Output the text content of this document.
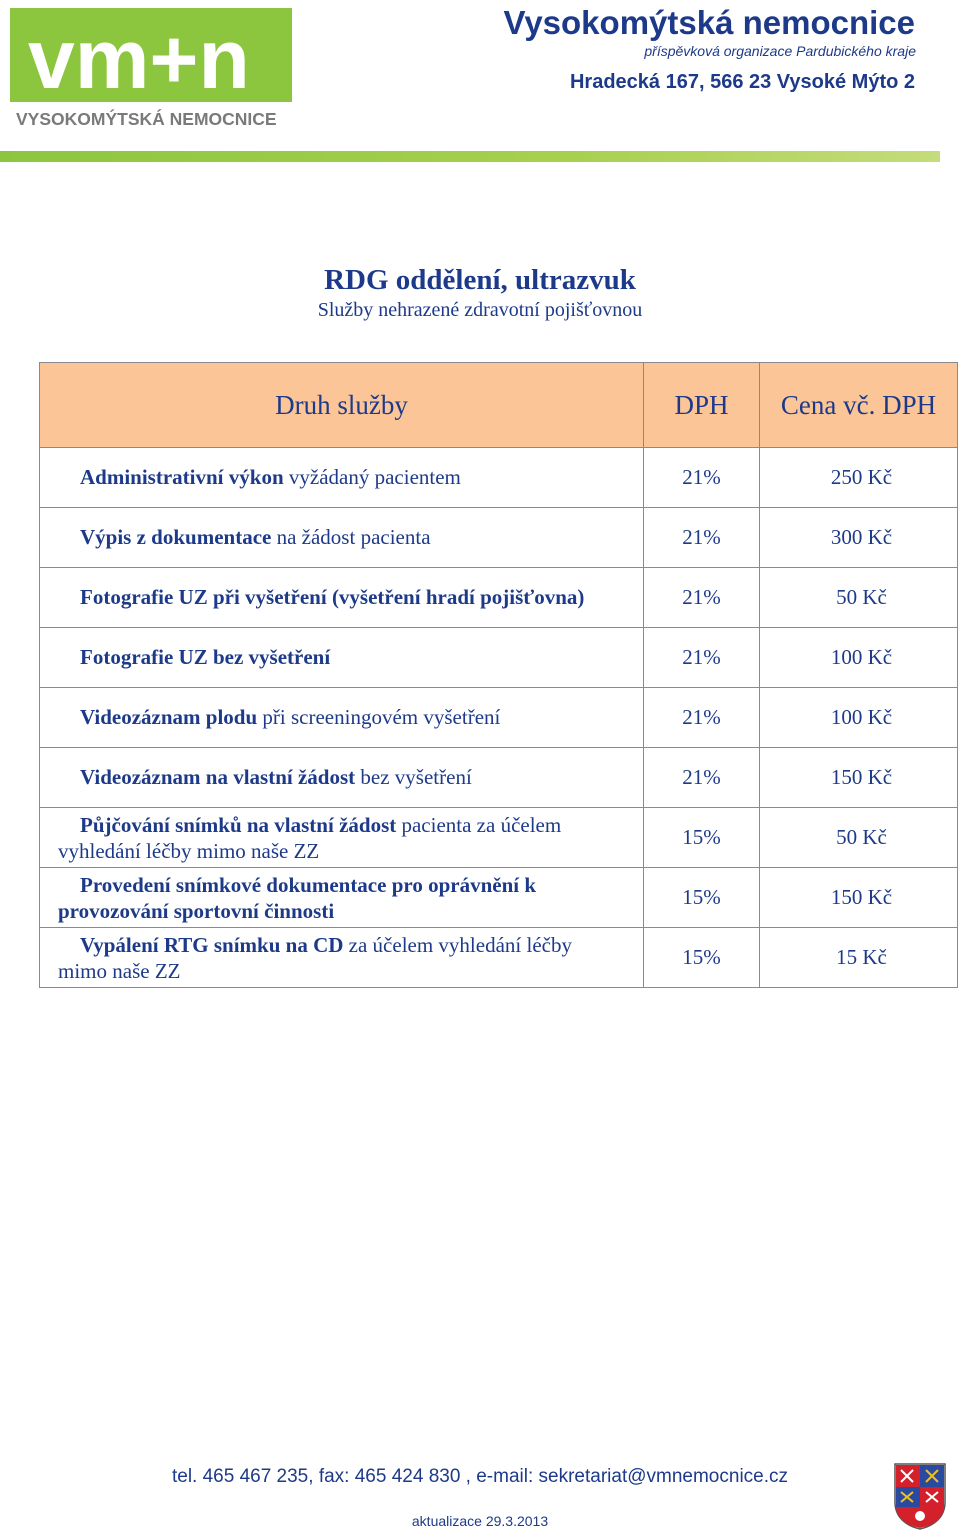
vm+n
VYSOKOMÝTSKÁ NEMOCNICE
Vysokomýtská nemocnice
příspěvková organizace Pardubického kraje
Hradecká 167, 566 23 Vysoké Mýto 2
RDG oddělení, ultrazvuk

Služby nehrazené zdravotní pojišťovnou

Druh služby	DPH	Cena vč. DPH
Administrativní výkon vyžádaný pacientem	21%	250 Kč
Výpis z dokumentace na žádost pacienta	21%	300 Kč
Fotografie UZ při vyšetření (vyšetření hradí pojišťovna)	21%	50 Kč
Fotografie UZ bez vyšetření	21%	100 Kč
Videozáznam plodu při screeningovém vyšetření	21%	100 Kč
Videozáznam na vlastní žádost bez vyšetření	21%	150 Kč

Půjčování snímků na vlastní žádost pacienta za účelem
vyhledání léčby mimo naše ZZ	15%	50 Kč

Provedení snímkové dokumentace pro oprávnění k
provozování sportovní činnosti	15%	150 Kč

Vypálení RTG snímku na CD za účelem vyhledání léčby
mimo naše ZZ	15%	15 Kč
tel. 465 467 235, fax: 465 424 830 , e-mail: sekretariat@vmnemocnice.cz
aktualizace 29.3.2013
